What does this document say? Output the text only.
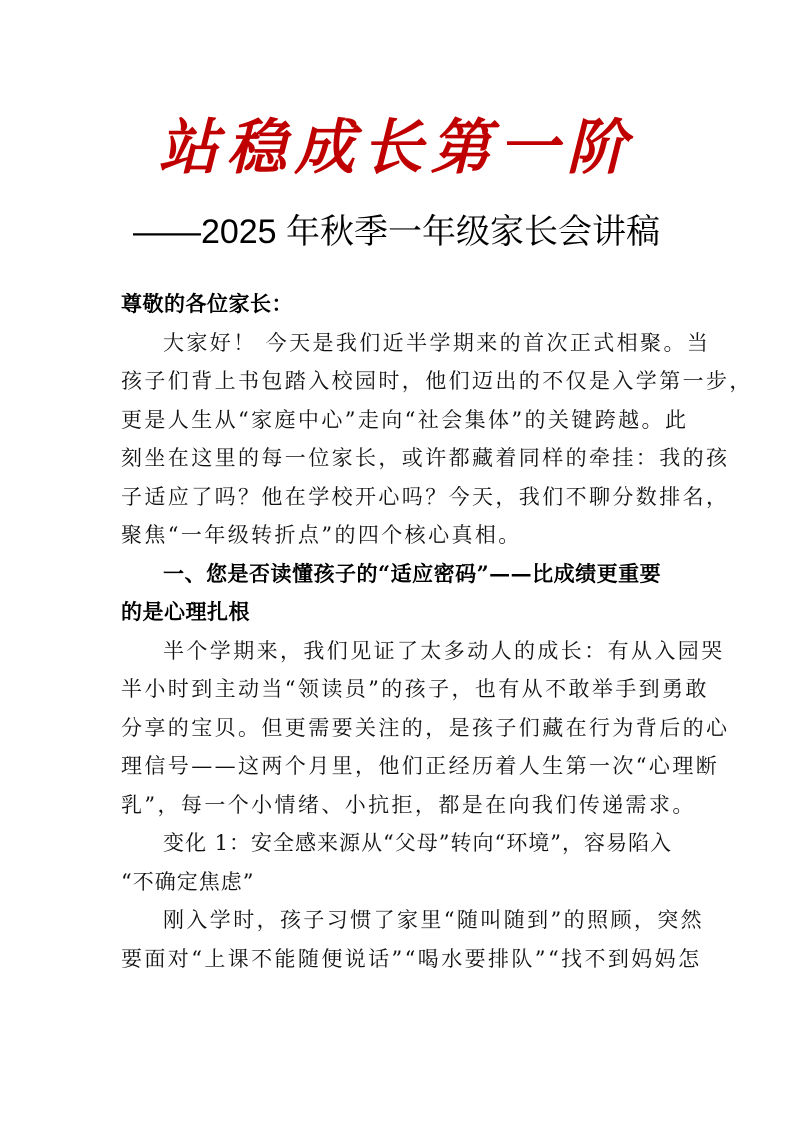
站稳成长第一阶
——2025 年秋季一年级家长会讲稿
尊敬的各位家长：
大家好！ 今天是我们近半学期来的首次正式相聚。当
孩子们背上书包踏入校园时，他们迈出的不仅是入学第一步，
更是人生从“家庭中心”走向“社会集体”的关键跨越。此
刻坐在这里的每一位家长，或许都藏着同样的牵挂：我的孩
子适应了吗？他在学校开心吗？今天，我们不聊分数排名，
聚焦“一年级转折点”的四个核心真相。
一、您是否读懂孩子的“适应密码”——比成绩更重要
的是心理扎根
半个学期来，我们见证了太多动人的成长：有从入园哭
半小时到主动当“领读员”的孩子，也有从不敢举手到勇敢
分享的宝贝。但更需要关注的，是孩子们藏在行为背后的心
理信号——这两个月里，他们正经历着人生第一次“心理断
乳”，每一个小情绪、小抗拒，都是在向我们传递需求。
变化 1：安全感来源从“父母”转向“环境”，容易陷入
“不确定焦虑”
刚入学时，孩子习惯了家里“随叫随到”的照顾，突然
要面对“上课不能随便说话”“喝水要排队”“找不到妈妈怎
